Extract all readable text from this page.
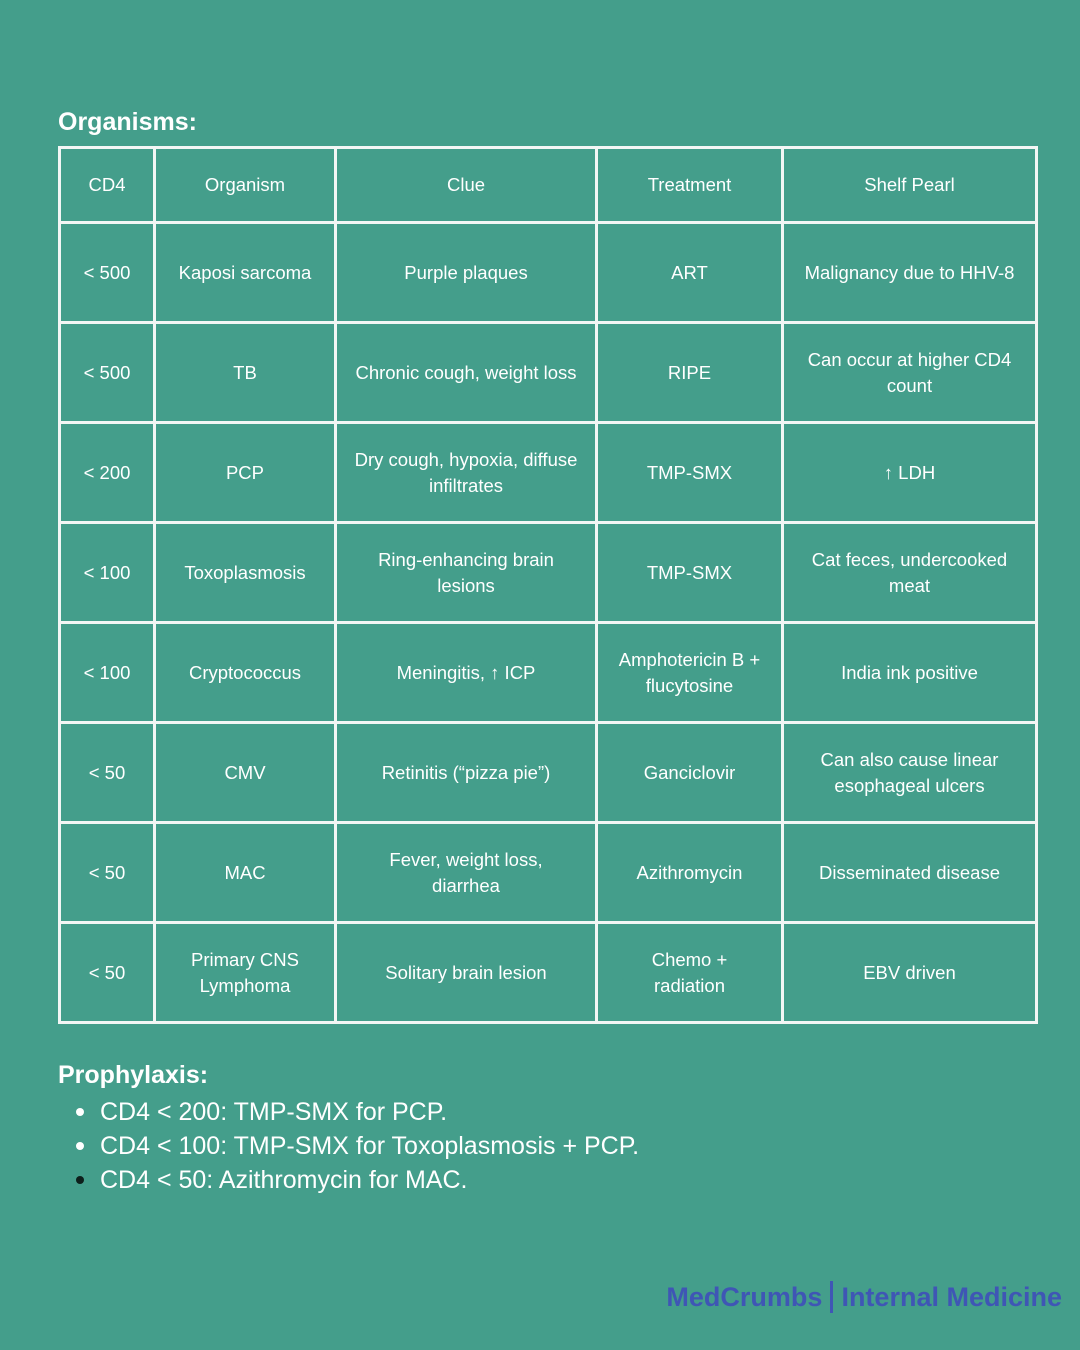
Organisms:
CD4	Organism	Clue	Treatment	Shelf Pearl
< 500	Kaposi sarcoma	Purple plaques	ART	Malignancy due to HHV-8
< 500	TB	Chronic cough, weight loss	RIPE	Can occur at higher CD4 count
< 200	PCP	Dry cough, hypoxia, diffuse infiltrates	TMP-SMX	↑ LDH
< 100	Toxoplasmosis	Ring-enhancing brain lesions	TMP-SMX	Cat feces, undercooked meat
< 100	Cryptococcus	Meningitis, ↑ ICP	Amphotericin B + flucytosine	India ink positive
< 50	CMV	Retinitis (“pizza pie”)	Ganciclovir	Can also cause linear esophageal ulcers
< 50	MAC	Fever, weight loss, diarrhea	Azithromycin	Disseminated disease
< 50	Primary CNS Lymphoma	Solitary brain lesion	Chemo + radiation	EBV driven
Prophylaxis:
CD4 < 200: TMP-SMX for PCP.
CD4 < 100: TMP-SMX for Toxoplasmosis + PCP.
CD4 < 50: Azithromycin for MAC.
MedCrumbs Internal Medicine
